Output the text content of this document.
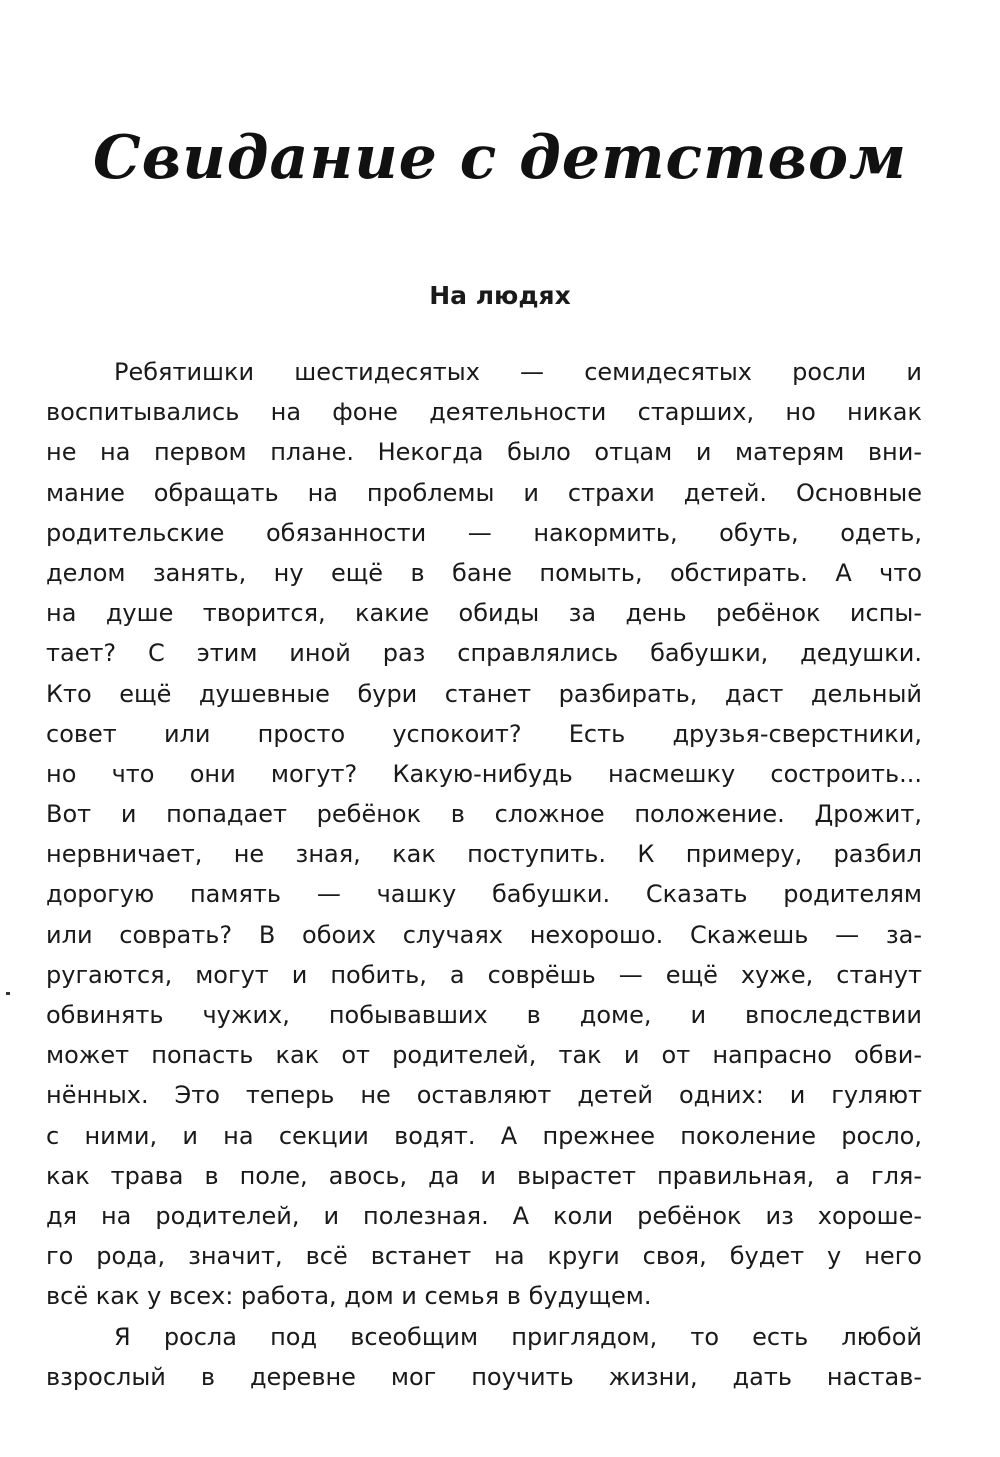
Свидание с детством
На людях
Ребятишки шестидесятых — семидесятых росли и
воспитывались на фоне деятельности старших, но никак
не на первом плане. Некогда было отцам и матерям вни-
мание обращать на проблемы и страхи детей. Основные
родительские обязанности — накормить, обуть, одеть,
делом занять, ну ещё в бане помыть, обстирать. А что
на душе творится, какие обиды за день ребёнок испы-
тает? С этим иной раз справлялись бабушки, дедушки.
Кто ещё душевные бури станет разбирать, даст дельный
совет или просто успокоит? Есть друзья-сверстники,
но что они могут? Какую-нибудь насмешку состроить...
Вот и попадает ребёнок в сложное положение. Дрожит,
нервничает, не зная, как поступить. К примеру, разбил
дорогую память — чашку бабушки. Сказать родителям
или соврать? В обоих случаях нехорошо. Скажешь — за-
ругаются, могут и побить, а соврёшь — ещё хуже, станут
обвинять чужих, побывавших в доме, и впоследствии
может попасть как от родителей, так и от напрасно обви-
нённых. Это теперь не оставляют детей одних: и гуляют
с ними, и на секции водят. А прежнее поколение росло,
как трава в поле, авось, да и вырастет правильная, а гля-
дя на родителей, и полезная. А коли ребёнок из хороше-
го рода, значит, всё встанет на круги своя, будет у него
всё как у всех: работа, дом и семья в будущем.
Я росла под всеобщим приглядом, то есть любой
взрослый в деревне мог поучить жизни, дать настав-
